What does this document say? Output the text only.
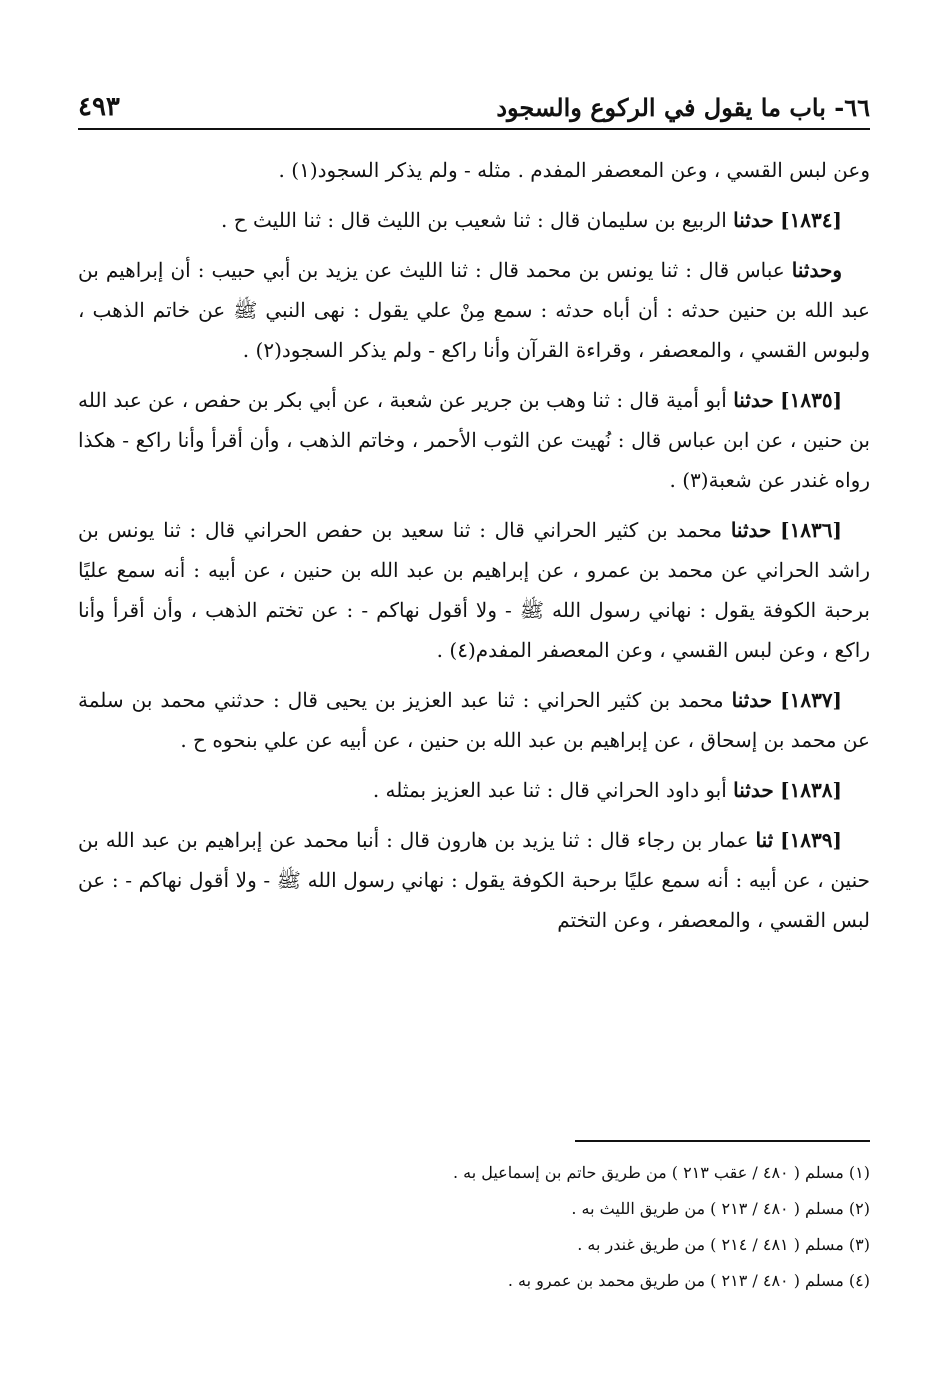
٤٩٣	٦٦- باب ما يقول في الركوع والسجود

وعن لبس القسي ، وعن المعصفر المفدم . مثله - ولم يذكر السجود(١) .

[١٨٣٤] حدثنا الربيع بن سليمان قال : ثنا شعيب بن الليث قال : ثنا الليث ح .

وحدثنا عباس قال : ثنا يونس بن محمد قال : ثنا الليث عن يزيد بن أبي حبيب : أن إبراهيم بن عبد الله بن حنين حدثه : أن أباه حدثه : سمع مِنْ علي يقول : نهى النبي ﷺ عن خاتم الذهب ، ولبوس القسي ، والمعصفر ، وقراءة القرآن وأنا راكع - ولم يذكر السجود(٢) .

[١٨٣٥] حدثنا أبو أمية قال : ثنا وهب بن جرير عن شعبة ، عن أبي بكر بن حفص ، عن عبد الله بن حنين ، عن ابن عباس قال : نُهيت عن الثوب الأحمر ، وخاتم الذهب ، وأن أقرأ وأنا راكع - هكذا رواه غندر عن شعبة(٣) .

[١٨٣٦] حدثنا محمد بن كثير الحراني قال : ثنا سعيد بن حفص الحراني قال : ثنا يونس بن راشد الحراني عن محمد بن عمرو ، عن إبراهيم بن عبد الله بن حنين ، عن أبيه : أنه سمع عليًا برحبة الكوفة يقول : نهاني رسول الله ﷺ - ولا أقول نهاكم - : عن تختم الذهب ، وأن أقرأ وأنا راكع ، وعن لبس القسي ، وعن المعصفر المفدم(٤) .

[١٨٣٧] حدثنا محمد بن كثير الحراني : ثنا عبد العزيز بن يحيى قال : حدثني محمد بن سلمة عن محمد بن إسحاق ، عن إبراهيم بن عبد الله بن حنين ، عن أبيه عن علي بنحوه ح .

[١٨٣٨] حدثنا أبو داود الحراني قال : ثنا عبد العزيز بمثله .

[١٨٣٩] ثنا عمار بن رجاء قال : ثنا يزيد بن هارون قال : أنبا محمد عن إبراهيم بن عبد الله بن حنين ، عن أبيه : أنه سمع عليًا برحبة الكوفة يقول : نهاني رسول الله ﷺ - ولا أقول نهاكم - : عن لبس القسي ، والمعصفر ، وعن التختم

(١) مسلم ( ٤٨٠ / عقب ٢١٣ ) من طريق حاتم بن إسماعيل به .
(٢) مسلم ( ٤٨٠ / ٢١٣ ) من طريق الليث به .
(٣) مسلم ( ٤٨١ / ٢١٤ ) من طريق غندر به .
(٤) مسلم ( ٤٨٠ / ٢١٣ ) من طريق محمد بن عمرو به .
